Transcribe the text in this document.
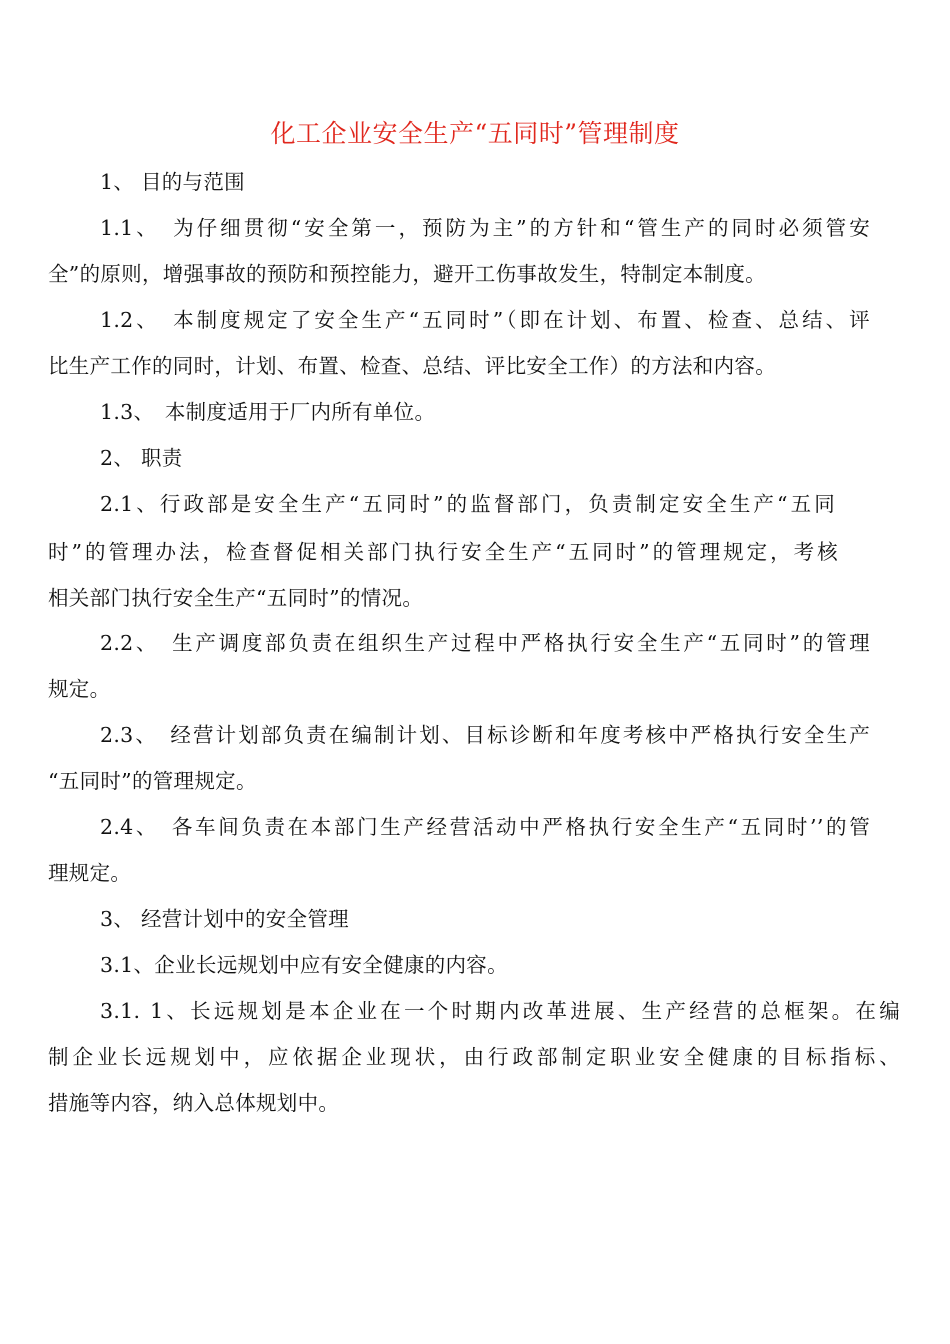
化工企业安全生产“五同时”管理制度
1、 目的与范围
1.1、　为仔细贯彻“安全第一，预防为主”的方针和“管生产的同时必须管安
全”的原则，增强事故的预防和预控能力，避开工伤事故发生，特制定本制度。
1.2、　本制度规定了安全生产“五同时”（即在计划、布置、检查、总结、评
比生产工作的同时，计划、布置、检查、总结、评比安全工作）的方法和内容。
1.3、　本制度适用于厂内所有单位。
2、 职责
2.1、行政部是安全生产“五同时”的监督部门，负责制定安全生产“五同
时”的管理办法，检查督促相关部门执行安全生产“五同时”的管理规定，考核
相关部门执行安全生产“五同时”的情况。
2.2、　生产调度部负责在组织生产过程中严格执行安全生产“五同时”的管理
规定。
2.3、　经营计划部负责在编制计划、目标诊断和年度考核中严格执行安全生产
“五同时”的管理规定。
2.4、　各车间负责在本部门生产经营活动中严格执行安全生产“五同时’’的管
理规定。
3、 经营计划中的安全管理
3.1、企业长远规划中应有安全健康的内容。
3.1. 1、长远规划是本企业在一个时期内改革进展、生产经营的总框架。在编
制企业长远规划中，应依据企业现状，由行政部制定职业安全健康的目标指标、
措施等内容，纳入总体规划中。
